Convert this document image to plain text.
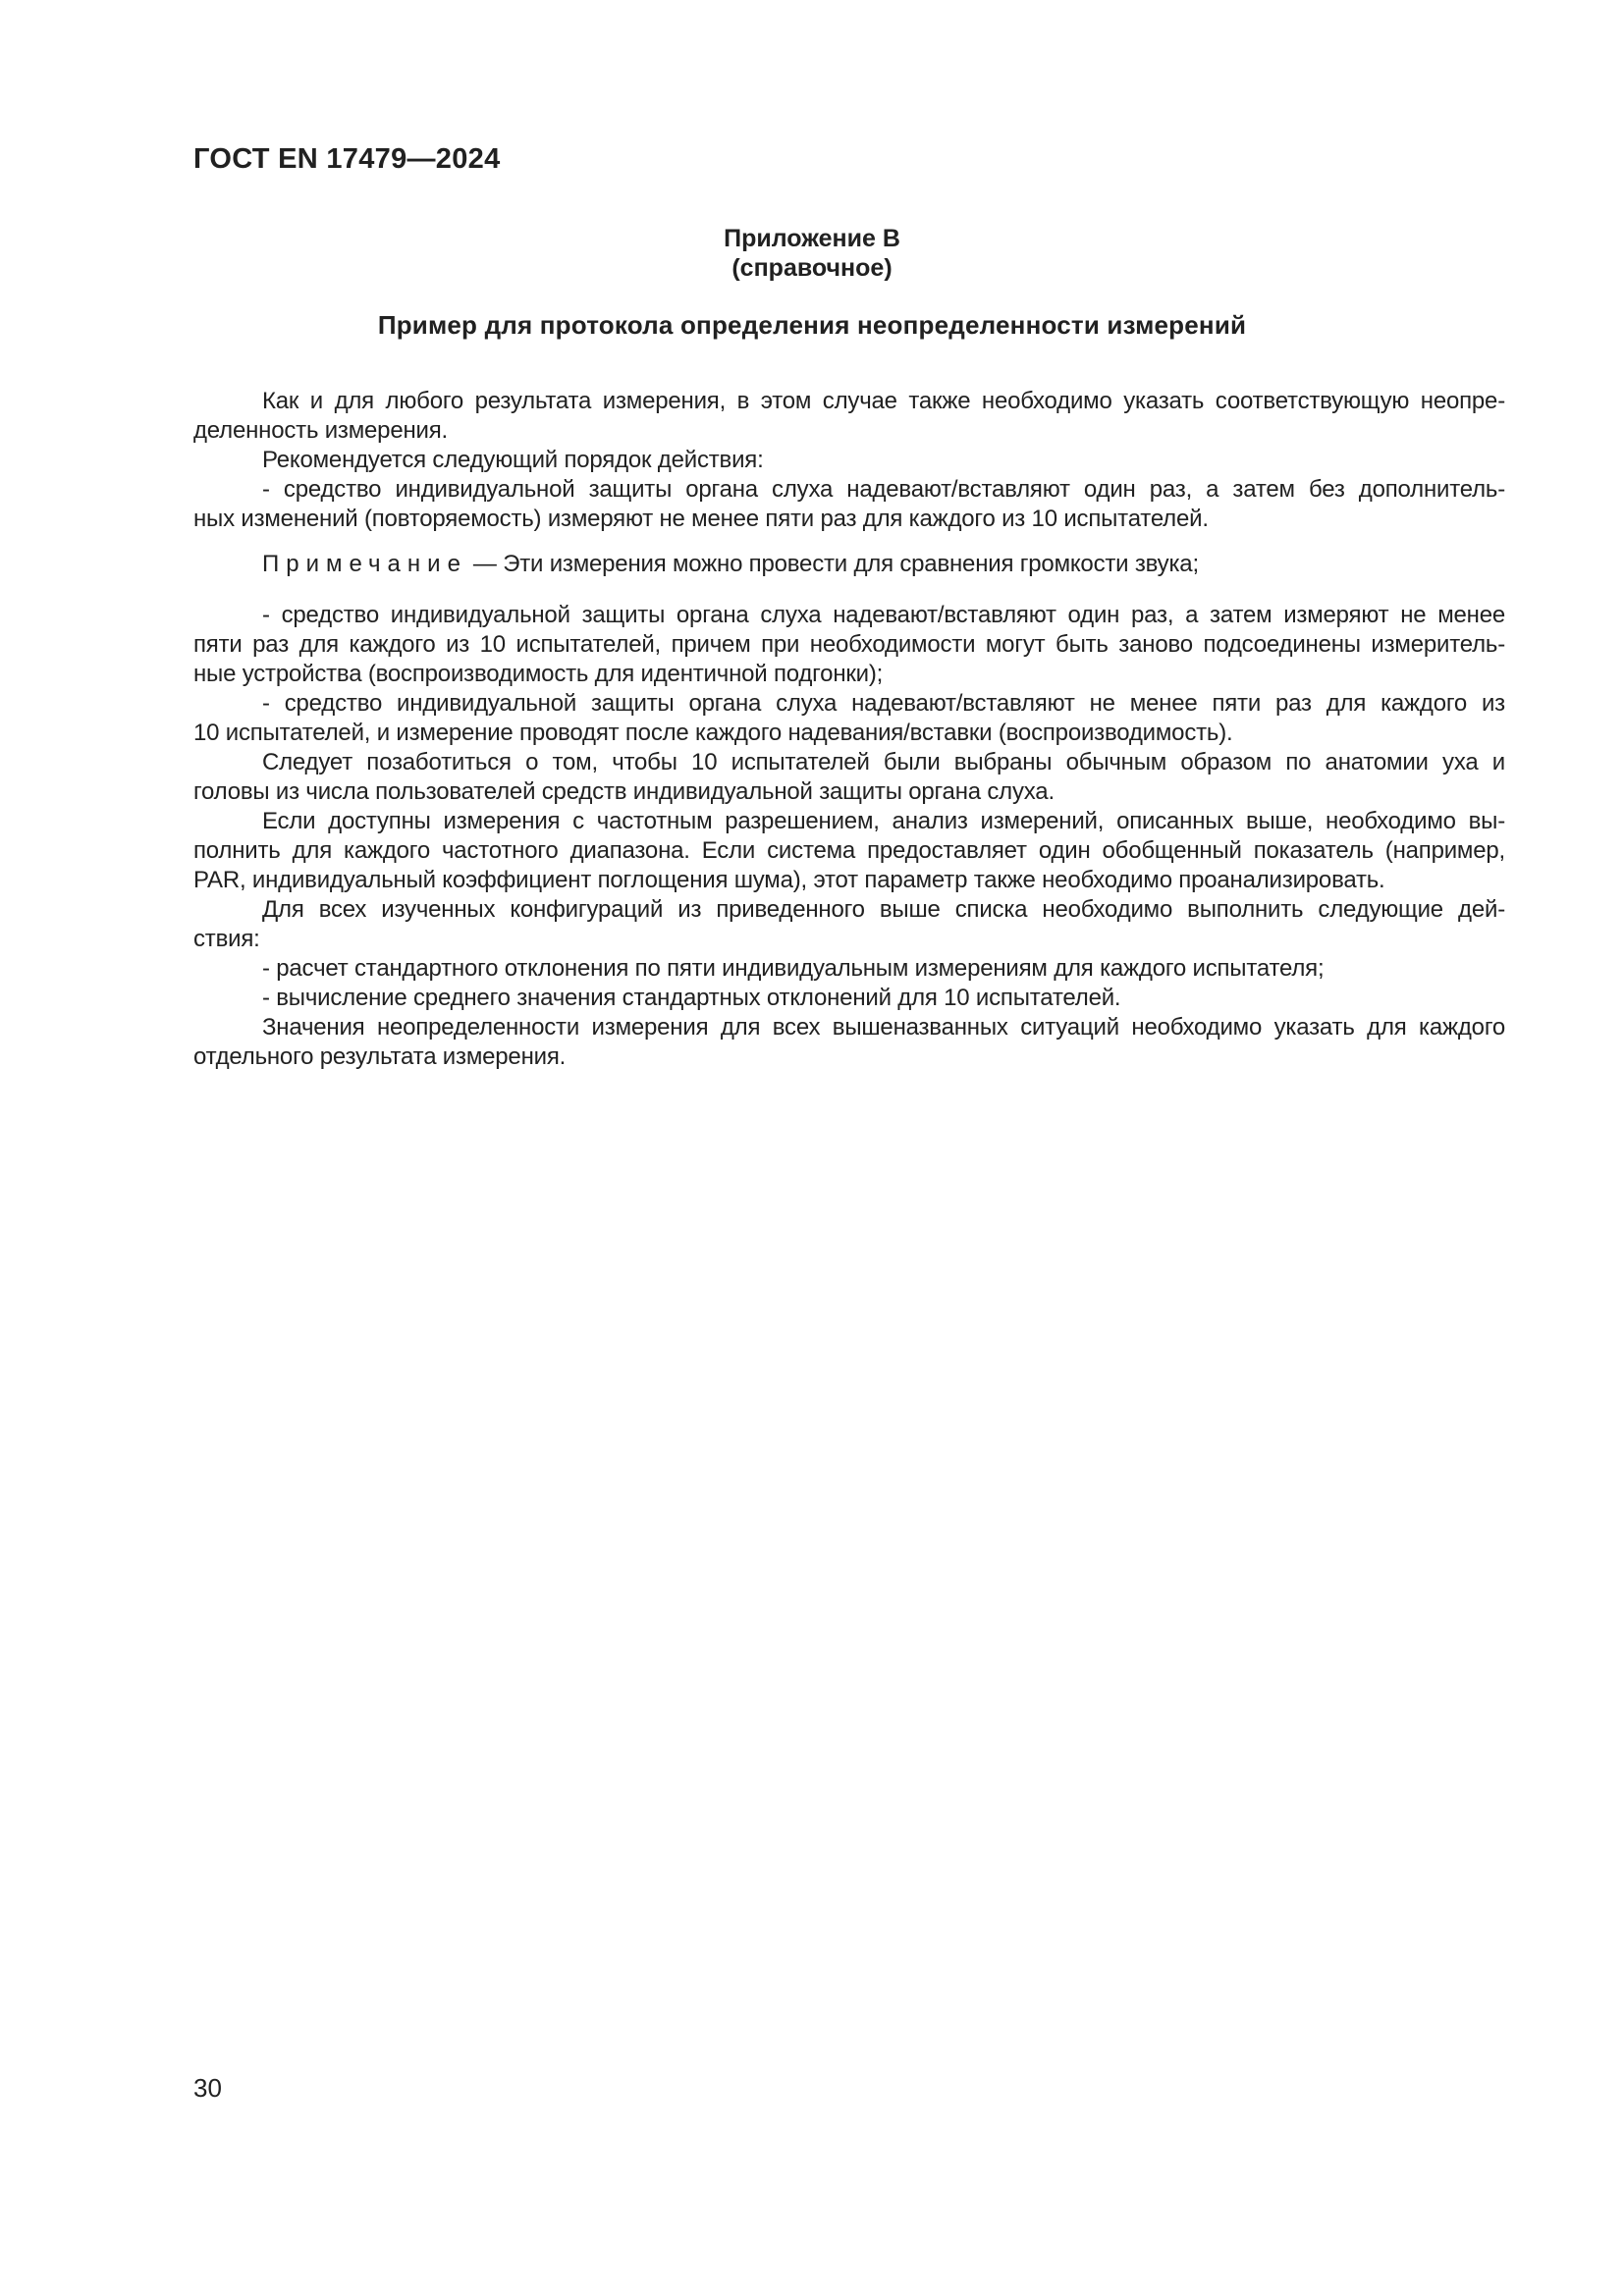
ГОСТ EN 17479—2024
Приложение В
(справочное)
Пример для протокола определения неопределенности измерений
Как и для любого результата измерения, в этом случае также необходимо указать соответствующую неопре-
деленность измерения.
Рекомендуется следующий порядок действия:
- средство индивидуальной защиты органа слуха надевают/вставляют один раз, а затем без дополнитель-
ных изменений (повторяемость) измеряют не менее пяти раз для каждого из 10 испытателей.
Примечание — Эти измерения можно провести для сравнения громкости звука;
- средство индивидуальной защиты органа слуха надевают/вставляют один раз, а затем измеряют не менее
пяти раз для каждого из 10 испытателей, причем при необходимости могут быть заново подсоединены измеритель-
ные устройства (воспроизводимость для идентичной подгонки);
- средство индивидуальной защиты органа слуха надевают/вставляют не менее пяти раз для каждого из
10 испытателей, и измерение проводят после каждого надевания/вставки (воспроизводимость).
Следует позаботиться о том, чтобы 10 испытателей были выбраны обычным образом по анатомии уха и
головы из числа пользователей средств индивидуальной защиты органа слуха.
Если доступны измерения с частотным разрешением, анализ измерений, описанных выше, необходимо вы-
полнить для каждого частотного диапазона. Если система предоставляет один обобщенный показатель (например,
PAR, индивидуальный коэффициент поглощения шума), этот параметр также необходимо проанализировать.
Для всех изученных конфигураций из приведенного выше списка необходимо выполнить следующие дей-
ствия:
- расчет стандартного отклонения по пяти индивидуальным измерениям для каждого испытателя;
- вычисление среднего значения стандартных отклонений для 10 испытателей.
Значения неопределенности измерения для всех вышеназванных ситуаций необходимо указать для каждого
отдельного результата измерения.
30
